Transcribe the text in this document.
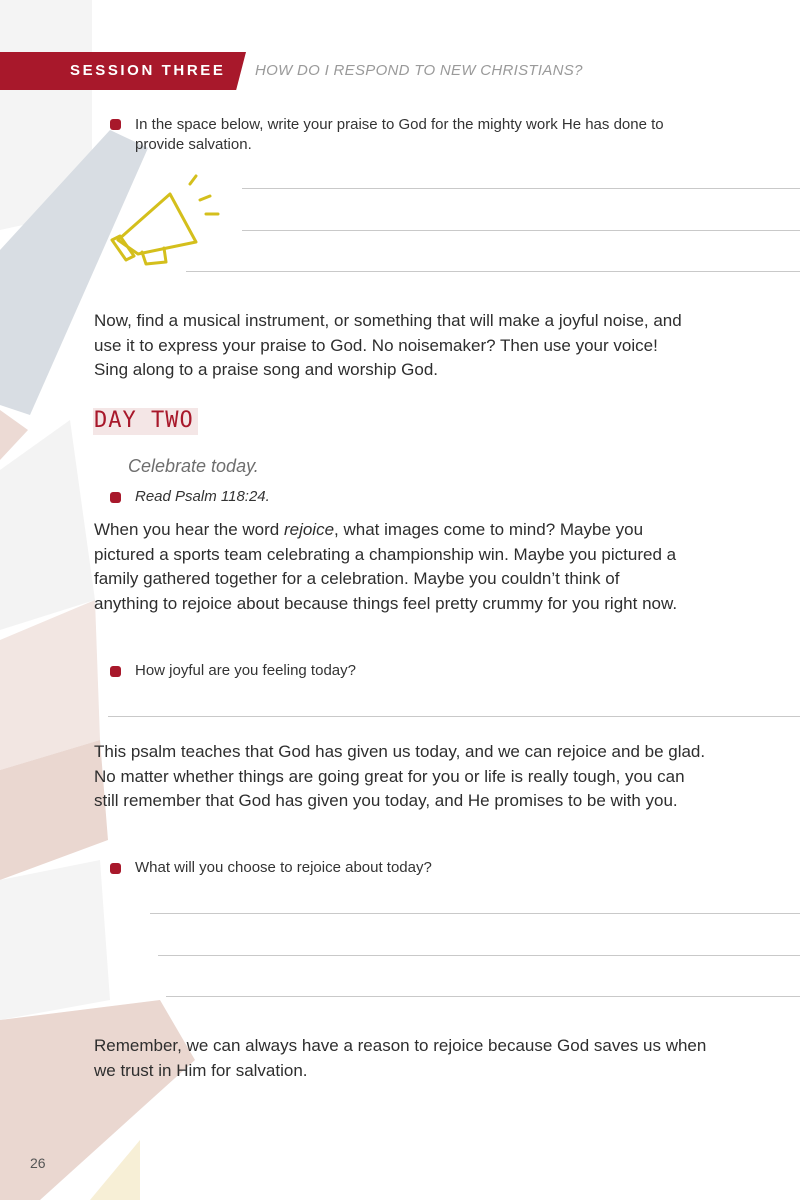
SESSION THREE HOW DO I RESPOND TO NEW CHRISTIANS?
In the space below, write your praise to God for the mighty work He has done to provide salvation.
Now, find a musical instrument, or something that will make a joyful noise, and use it to express your praise to God. No noisemaker? Then use your voice! Sing along to a praise song and worship God.
DAY TWO
Celebrate today.
Read Psalm 118:24.
When you hear the word rejoice, what images come to mind? Maybe you pictured a sports team celebrating a championship win. Maybe you pictured a family gathered together for a celebration. Maybe you couldn’t think of anything to rejoice about because things feel pretty crummy for you right now.
How joyful are you feeling today?
This psalm teaches that God has given us today, and we can rejoice and be glad. No matter whether things are going great for you or life is really tough, you can still remember that God has given you today, and He promises to be with you.
What will you choose to rejoice about today?
Remember, we can always have a reason to rejoice because God saves us when we trust in Him for salvation.
26
